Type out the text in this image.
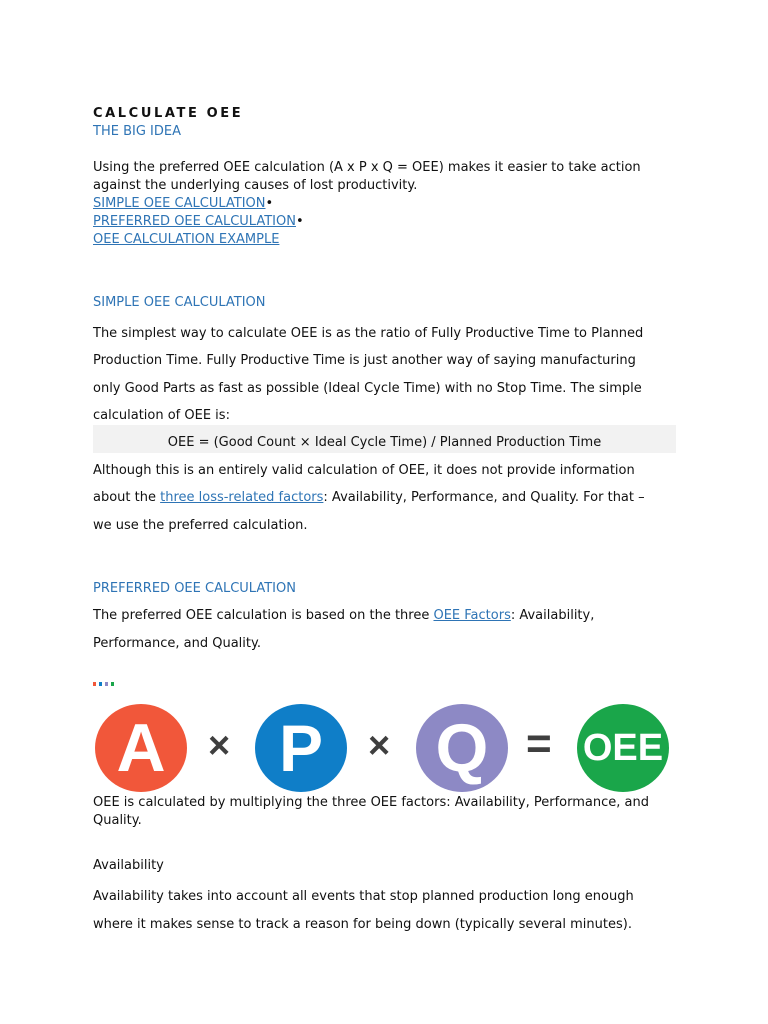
CALCULATE OEE
THE BIG IDEA
Using the preferred OEE calculation (A x P x Q = OEE) makes it easier to take action
against the underlying causes of lost productivity.
SIMPLE OEE CALCULATION•
PREFERRED OEE CALCULATION•
OEE CALCULATION EXAMPLE
SIMPLE OEE CALCULATION
The simplest way to calculate OEE is as the ratio of Fully Productive Time to Planned
Production Time. Fully Productive Time is just another way of saying manufacturing
only Good Parts as fast as possible (Ideal Cycle Time) with no Stop Time. The simple
calculation of OEE is:
OEE = (Good Count × Ideal Cycle Time) / Planned Production Time
Although this is an entirely valid calculation of OEE, it does not provide information
about the three loss-related factors: Availability, Performance, and Quality. For that –
we use the preferred calculation.
PREFERRED OEE CALCULATION
The preferred OEE calculation is based on the three OEE Factors: Availability,
Performance, and Quality.
A	× P	× Q = OEE
OEE is calculated by multiplying the three OEE factors: Availability, Performance, and
Quality.
Availability
Availability takes into account all events that stop planned production long enough
where it makes sense to track a reason for being down (typically several minutes).
